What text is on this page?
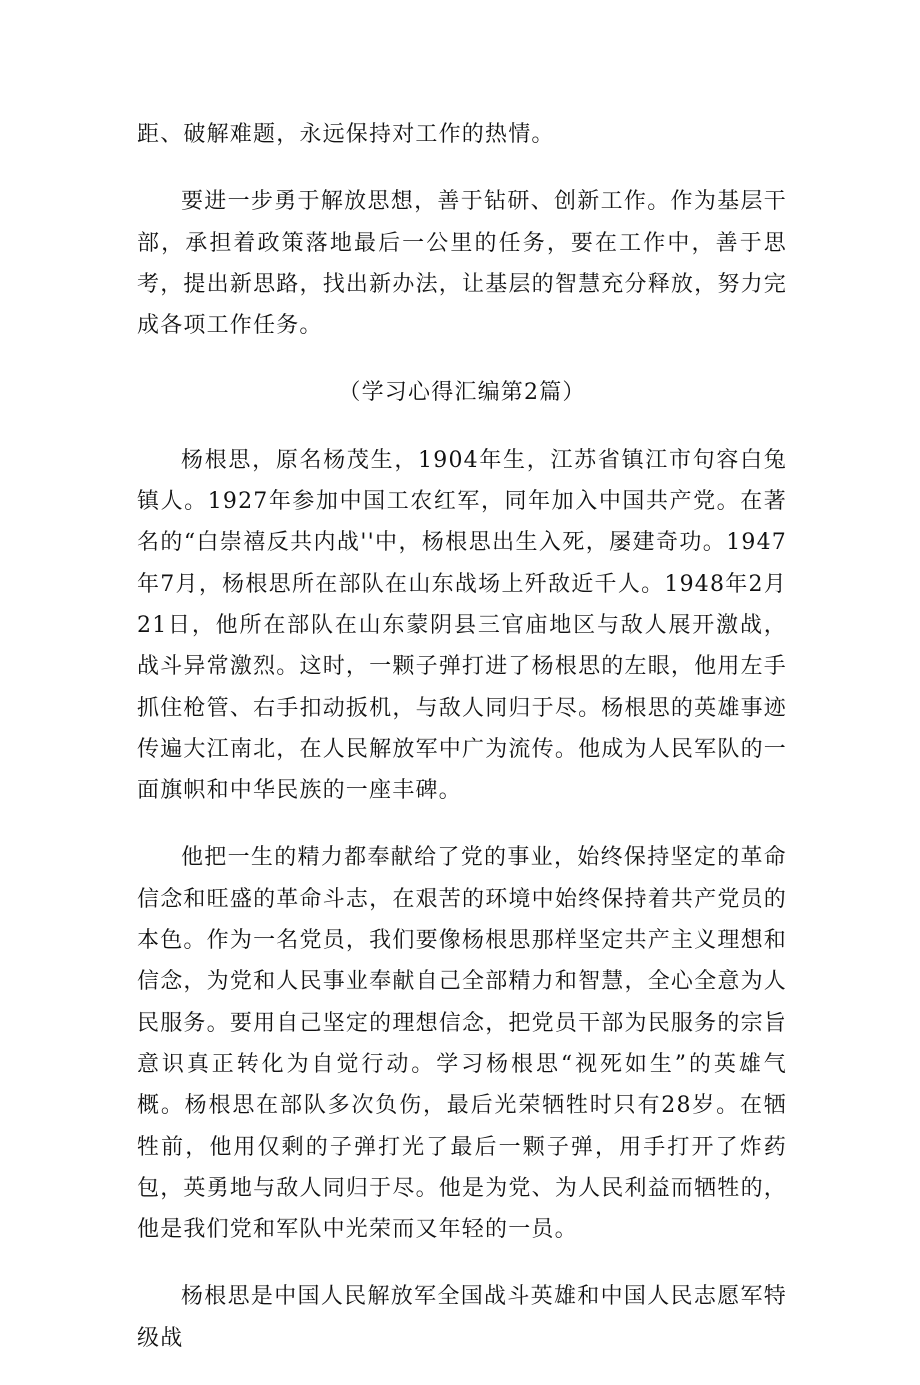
距、破解难题，永远保持对工作的热情。

要进一步勇于解放思想，善于钻研、创新工作。作为基层干部，承担着政策落地最后一公里的任务，要在工作中，善于思考，提出新思路，找出新办法，让基层的智慧充分释放，努力完成各项工作任务。

（学习心得汇编第2篇）

杨根思，原名杨茂生，1904年生，江苏省镇江市句容白兔镇人。1927年参加中国工农红军，同年加入中国共产党。在著名的“白崇禧反共内战''中，杨根思出生入死，屡建奇功。1947年7月，杨根思所在部队在山东战场上歼敌近千人。1948年2月21日，他所在部队在山东蒙阴县三官庙地区与敌人展开激战，战斗异常激烈。这时，一颗子弹打进了杨根思的左眼，他用左手抓住枪管、右手扣动扳机，与敌人同归于尽。杨根思的英雄事迹传遍大江南北，在人民解放军中广为流传。他成为人民军队的一面旗帜和中华民族的一座丰碑。

他把一生的精力都奉献给了党的事业，始终保持坚定的革命信念和旺盛的革命斗志，在艰苦的环境中始终保持着共产党员的本色。作为一名党员，我们要像杨根思那样坚定共产主义理想和信念，为党和人民事业奉献自己全部精力和智慧，全心全意为人民服务。要用自己坚定的理想信念，把党员干部为民服务的宗旨意识真正转化为自觉行动。学习杨根思“视死如生”的英雄气概。杨根思在部队多次负伤，最后光荣牺牲时只有28岁。在牺牲前，他用仅剩的子弹打光了最后一颗子弹，用手打开了炸药包，英勇地与敌人同归于尽。他是为党、为人民利益而牺牲的，他是我们党和军队中光荣而又年轻的一员。

杨根思是中国人民解放军全国战斗英雄和中国人民志愿军特级战
